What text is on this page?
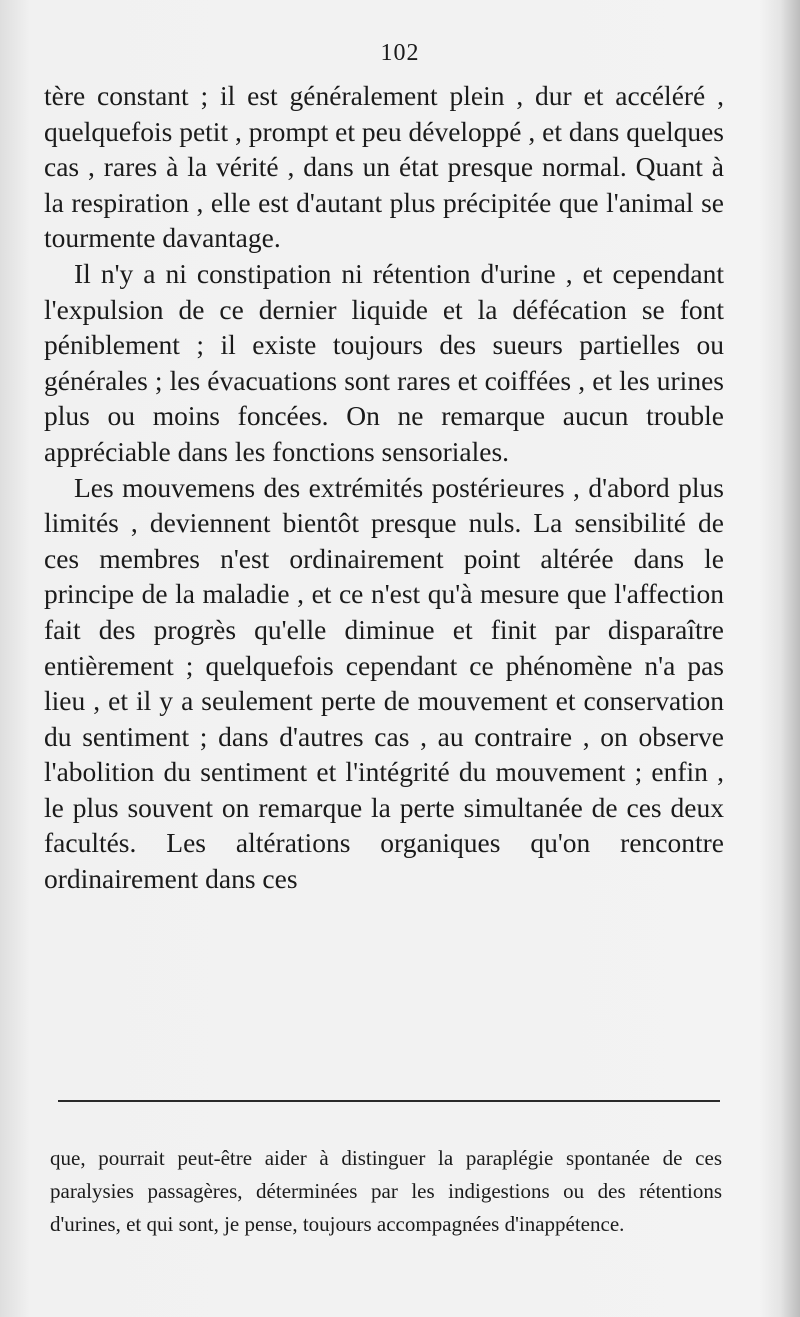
102

tère constant ; il est généralement plein , dur et accéléré , quelquefois petit , prompt et peu développé , et dans quelques cas , rares à la vérité , dans un état presque normal. Quant à la respiration , elle est d'autant plus précipitée que l'animal se tourmente davantage.

Il n'y a ni constipation ni rétention d'urine , et cependant l'expulsion de ce dernier liquide et la défécation se font péniblement ; il existe toujours des sueurs partielles ou générales ; les évacuations sont rares et coiffées , et les urines plus ou moins foncées. On ne remarque aucun trouble appréciable dans les fonctions sensoriales.

Les mouvemens des extrémités postérieures , d'abord plus limités , deviennent bientôt presque nuls. La sensibilité de ces membres n'est ordinairement point altérée dans le principe de la maladie , et ce n'est qu'à mesure que l'affection fait des progrès qu'elle diminue et finit par disparaître entièrement ; quelquefois cependant ce phénomène n'a pas lieu , et il y a seulement perte de mouvement et conservation du sentiment ; dans d'autres cas , au contraire , on observe l'abolition du sentiment et l'intégrité du mouvement ; enfin , le plus souvent on remarque la perte simultanée de ces deux facultés. Les altérations organiques qu'on rencontre ordinairement dans ces

que, pourrait peut-être aider à distinguer la paraplégie spontanée de ces paralysies passagères, déterminées par les indigestions ou des rétentions d'urines, et qui sont, je pense, toujours accompagnées d'inappétence.
